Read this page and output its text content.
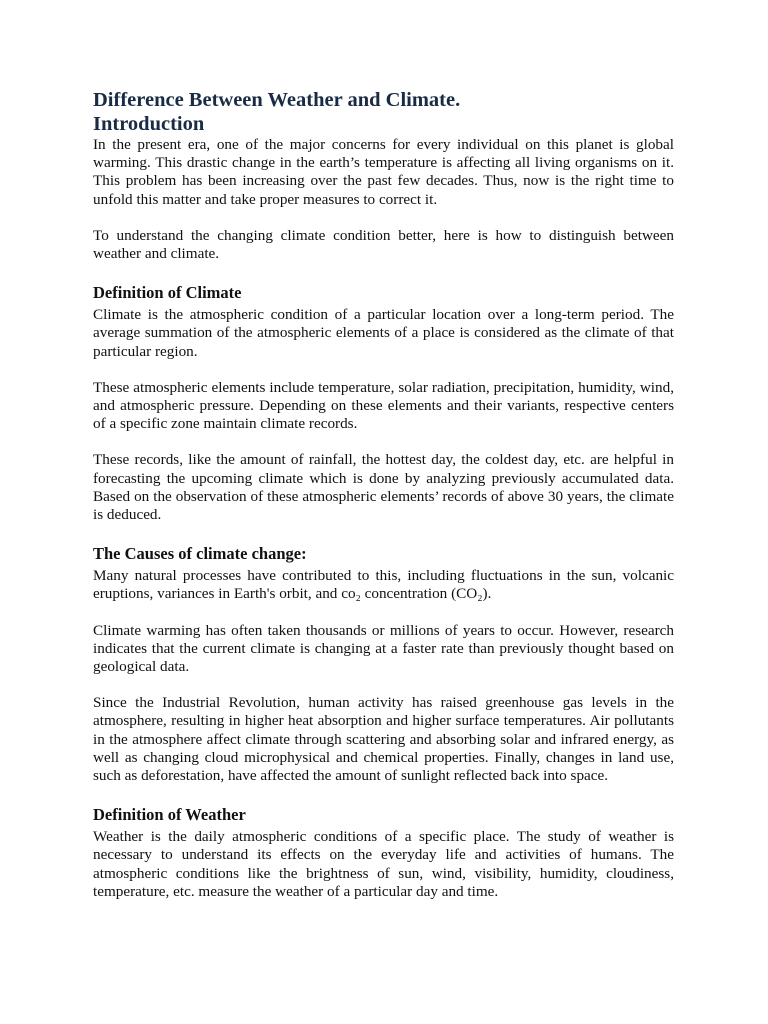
Difference Between Weather and Climate.
Introduction

In the present era, one of the major concerns for every individual on this planet is global warming. This drastic change in the earth’s temperature is affecting all living organisms on it. This problem has been increasing over the past few decades. Thus, now is the right time to unfold this matter and take proper measures to correct it.

To understand the changing climate condition better, here is how to distinguish between weather and climate.

Definition of Climate

Climate is the atmospheric condition of a particular location over a long-term period. The average summation of the atmospheric elements of a place is considered as the climate of that particular region.

These atmospheric elements include temperature, solar radiation, precipitation, humidity, wind, and atmospheric pressure. Depending on these elements and their variants, respective centers of a specific zone maintain climate records.

These records, like the amount of rainfall, the hottest day, the coldest day, etc. are helpful in forecasting the upcoming climate which is done by analyzing previously accumulated data. Based on the observation of these atmospheric elements’ records of above 30 years, the climate is deduced.

The Causes of climate change:

Many natural processes have contributed to this, including fluctuations in the sun, volcanic eruptions, variances in Earth's orbit, and co₂ concentration (CO₂).

Climate warming has often taken thousands or millions of years to occur. However, research indicates that the current climate is changing at a faster rate than previously thought based on geological data.

Since the Industrial Revolution, human activity has raised greenhouse gas levels in the atmosphere, resulting in higher heat absorption and higher surface temperatures. Air pollutants in the atmosphere affect climate through scattering and absorbing solar and infrared energy, as well as changing cloud microphysical and chemical properties. Finally, changes in land use, such as deforestation, have affected the amount of sunlight reflected back into space.

Definition of Weather

Weather is the daily atmospheric conditions of a specific place. The study of weather is necessary to understand its effects on the everyday life and activities of humans. The atmospheric conditions like the brightness of sun, wind, visibility, humidity, cloudiness, temperature, etc. measure the weather of a particular day and time.
